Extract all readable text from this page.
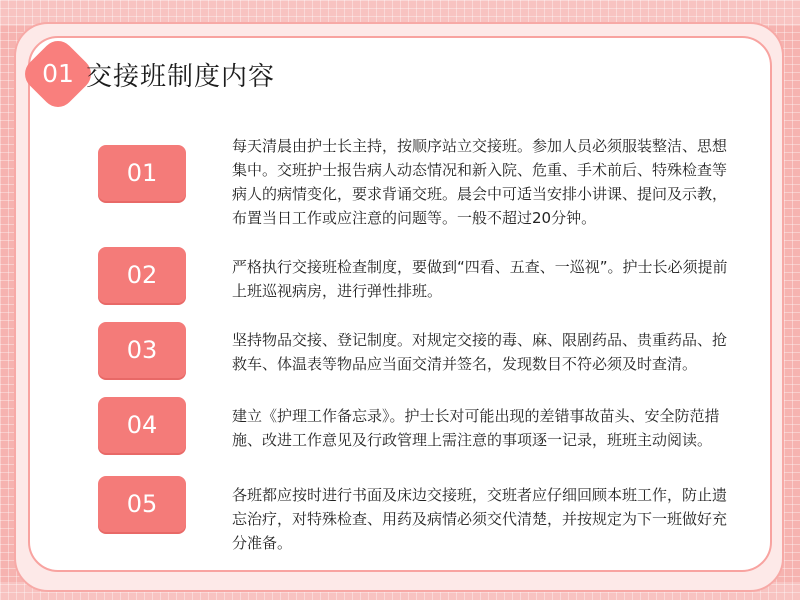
01 交接班制度内容
01

每天清晨由护士长主持，按顺序站立交接班。参加人员必须服装整洁、思想集中。交班护士报告病人动态情况和新入院、危重、手术前后、特殊检查等病人的病情变化，要求背诵交班。晨会中可适当安排小讲课、提问及示教，布置当日工作或应注意的问题等。一般不超过20分钟。

02	严格执行交接班检查制度，要做到“四看、五查、一巡视”。护士长必须提前上班巡视病房，进行弹性排班。

03	坚持物品交接、登记制度。对规定交接的毒、麻、限剧药品、贵重药品、抢救车、体温表等物品应当面交清并签名，发现数目不符必须及时查清。

04	建立《护理工作备忘录》。护士长对可能出现的差错事故苗头、安全防范措施、改进工作意见及行政管理上需注意的事项逐一记录，班班主动阅读。

05	各班都应按时进行书面及床边交接班，交班者应仔细回顾本班工作，防止遗忘治疗，对特殊检查、用药及病情必须交代清楚，并按规定为下一班做好充分准备。
